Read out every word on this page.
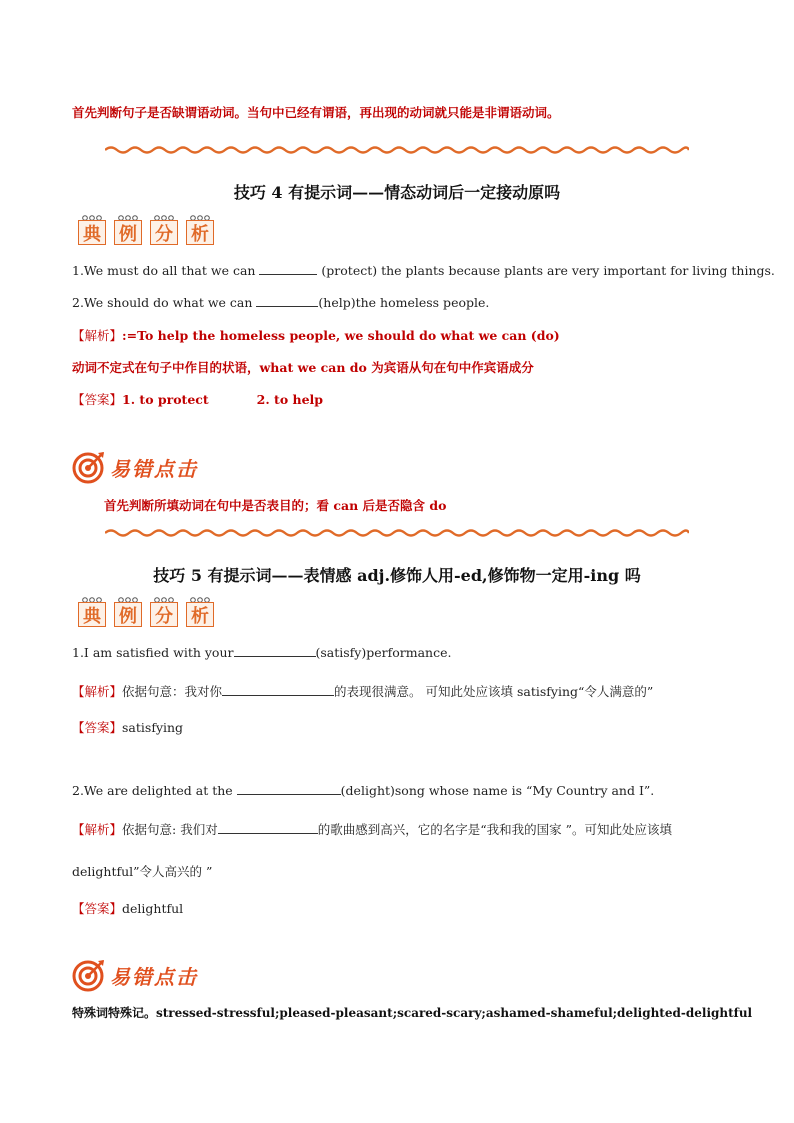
首先判断句子是否缺谓语动词。当句中已经有谓语，再出现的动词就只能是非谓语动词。
技巧 4 有提示词——情态动词后一定接动原吗
典 例 分 析
1.We must do all that we can	(protect) the plants because plants are very important for living things.
2.We should do what we can	(help)the homeless people.
【解析】:=To help the homeless people, we should do what we can (do)
动词不定式在句子中作目的状语，what we can do 为宾语从句在句中作宾语成分
【答案】1. to protect	2. to help
易错点击
首先判断所填动词在句中是否表目的；看 can 后是否隐含 do
技巧 5 有提示词——表情感 adj.修饰人用-ed,修饰物一定用-ing 吗
典 例 分 析
1.I am satisfied with your	(satisfy)performance.
【解析】依据句意：我对你	的表现很满意。 可知此处应该填 satisfying“令人满意的”
【答案】satisfying
2.We are delighted at the	(delight)song whose name is “My Country and I”.
【解析】依据句意: 我们对	的歌曲感到高兴，它的名字是“我和我的国家 ”。可知此处应该填
delightful”令人高兴的 ”
【答案】delightful
易错点击
特殊词特殊记。stressed-stressful;pleased-pleasant;scared-scary;ashamed-shameful;delighted-delightful
